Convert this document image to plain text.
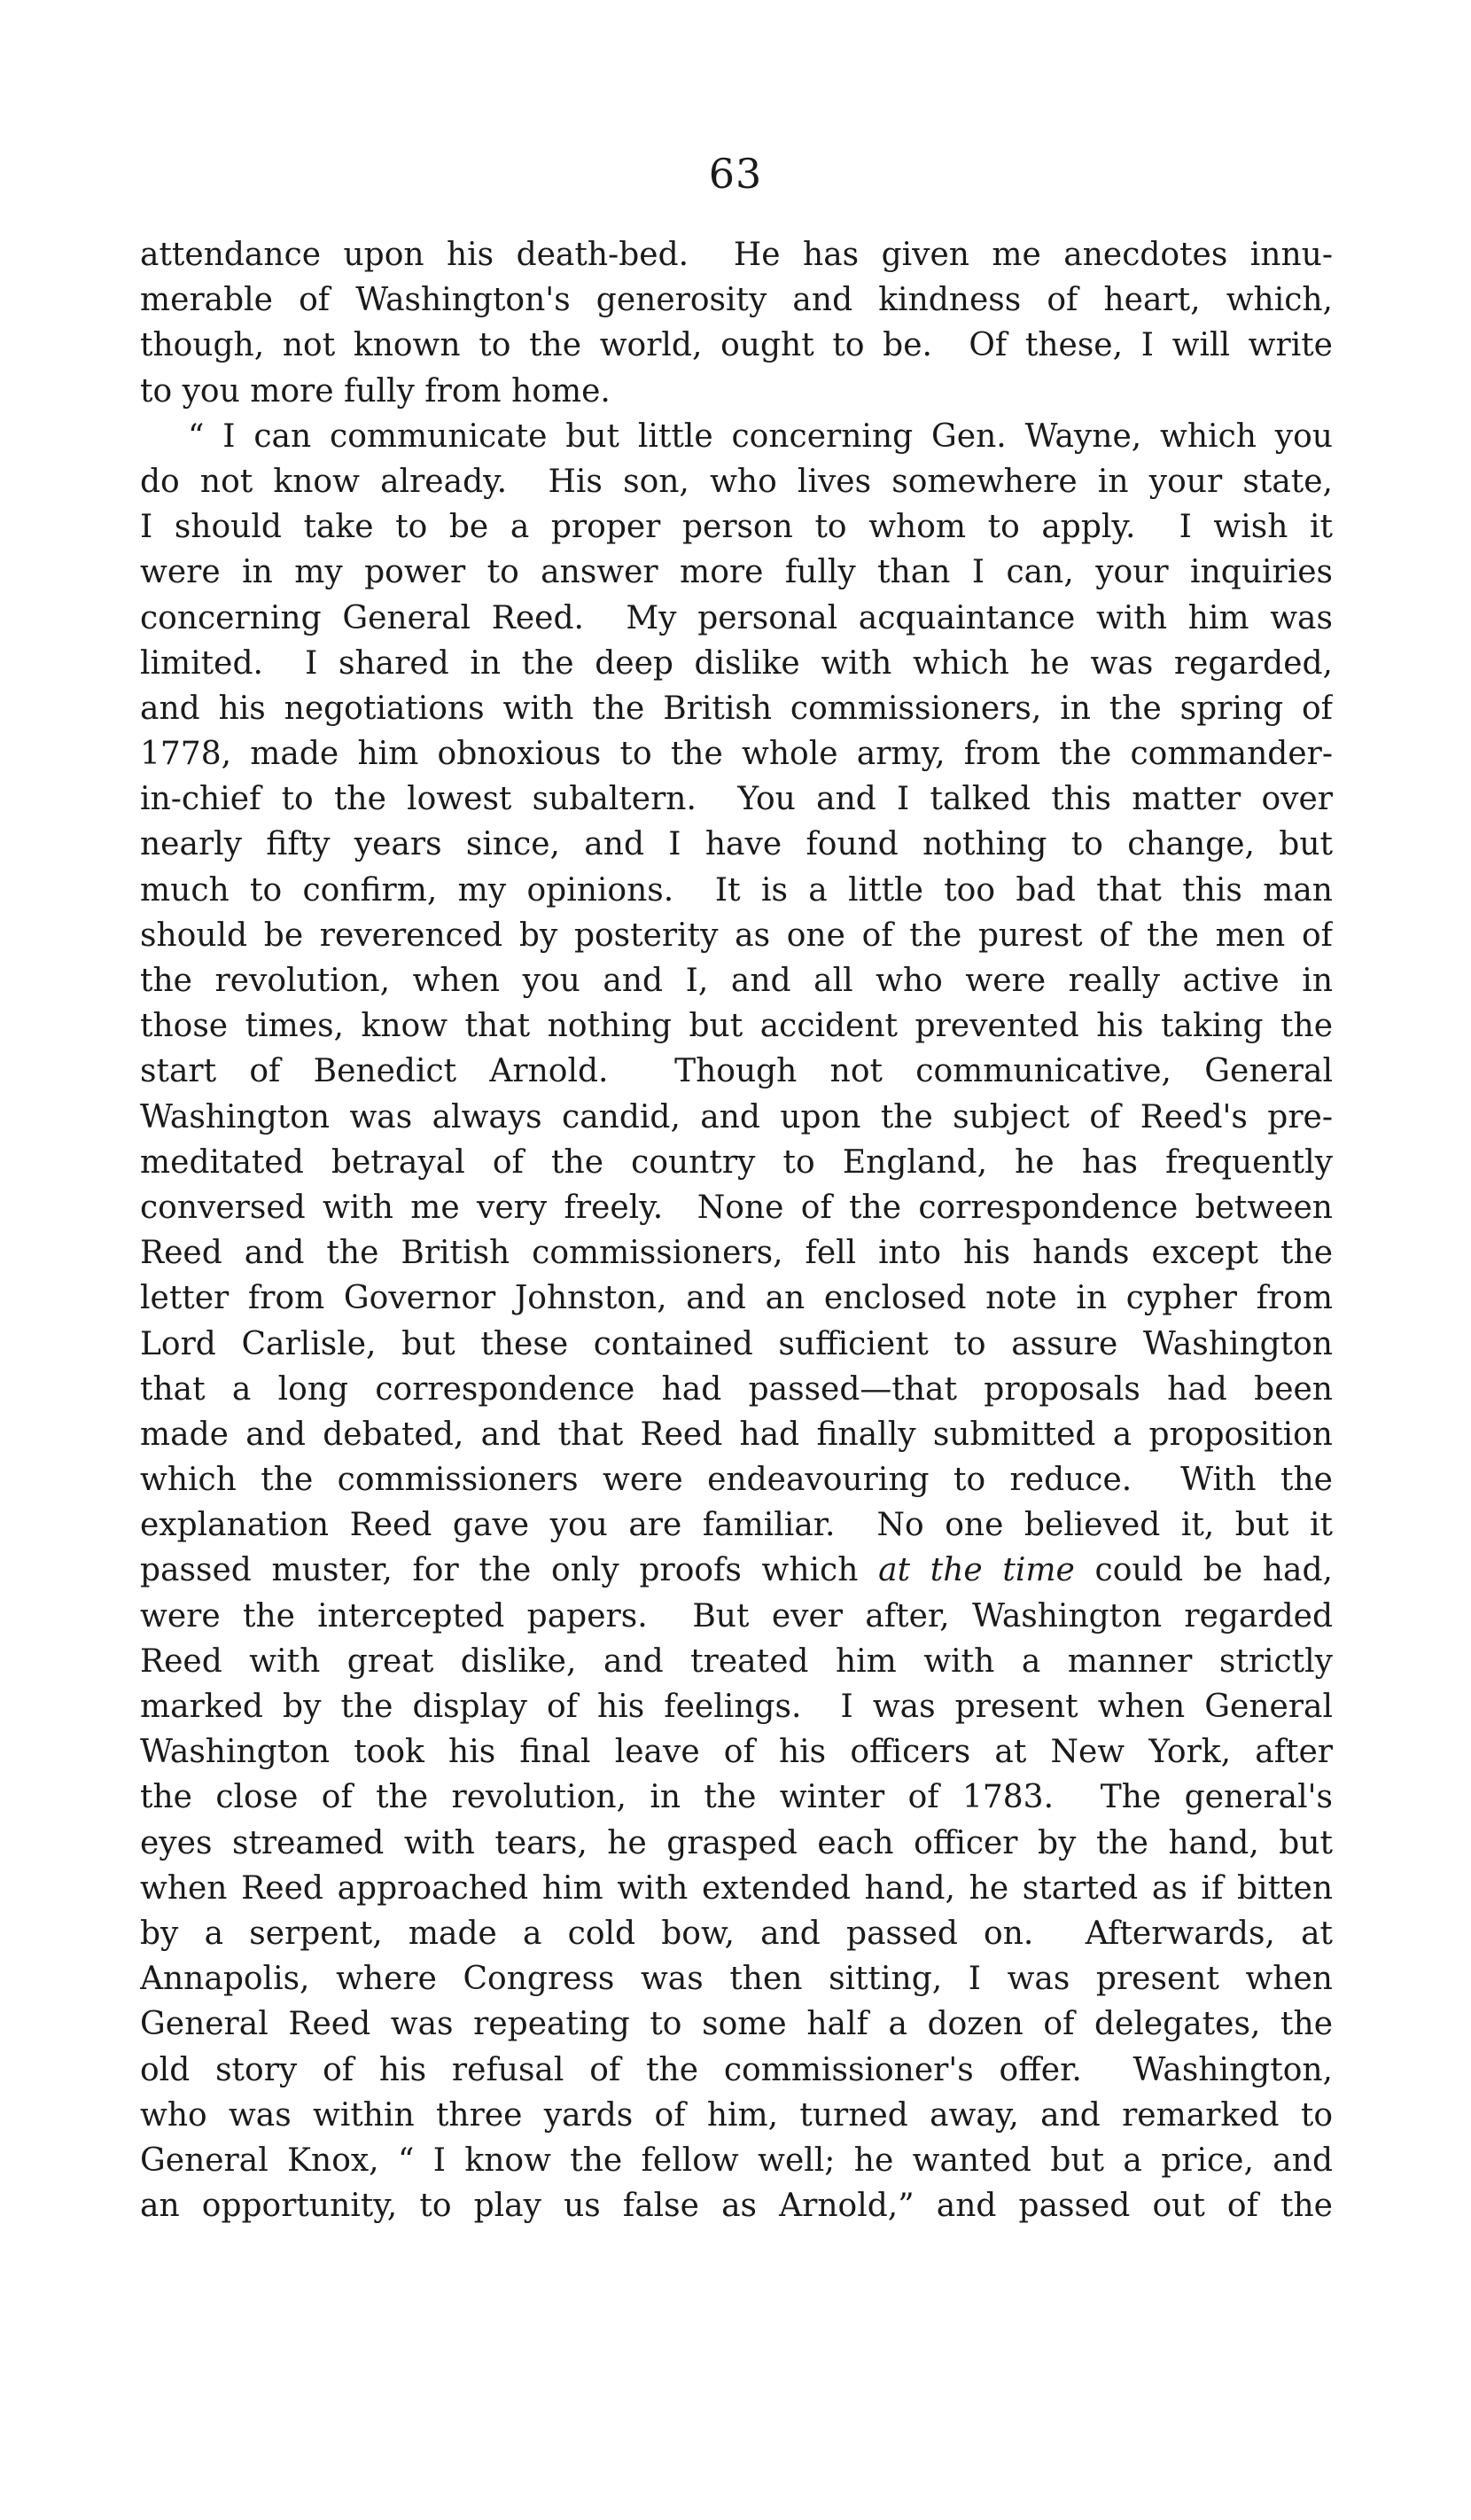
63
attendance upon his death-bed.  He has given me anecdotes innu-
merable of Washington's generosity and kindness of heart, which,
though, not known to the world, ought to be.  Of these, I will write
to you more fully from home.
“ I can communicate but little concerning Gen. Wayne, which you
do not know already.  His son, who lives somewhere in your state,
I should take to be a proper person to whom to apply.  I wish it
were in my power to answer more fully than I can, your inquiries
concerning General Reed.  My personal acquaintance with him was
limited.  I shared in the deep dislike with which he was regarded,
and his negotiations with the British commissioners, in the spring of
1778, made him obnoxious to the whole army, from the commander-
in-chief to the lowest subaltern.  You and I talked this matter over
nearly fifty years since, and I have found nothing to change, but
much to confirm, my opinions.  It is a little too bad that this man
should be reverenced by posterity as one of the purest of the men of
the revolution, when you and I, and all who were really active in
those times, know that nothing but accident prevented his taking the
start of Benedict Arnold.  Though not communicative, General
Washington was always candid, and upon the subject of Reed's pre-
meditated betrayal of the country to England, he has frequently
conversed with me very freely.  None of the correspondence between
Reed and the British commissioners, fell into his hands except the
letter from Governor Johnston, and an enclosed note in cypher from
Lord Carlisle, but these contained sufficient to assure Washington
that a long correspondence had passed—that proposals had been
made and debated, and that Reed had finally submitted a proposition
which the commissioners were endeavouring to reduce.  With the
explanation Reed gave you are familiar.  No one believed it, but it
passed muster, for the only proofs which at the time could be had,
were the intercepted papers.  But ever after, Washington regarded
Reed with great dislike, and treated him with a manner strictly
marked by the display of his feelings.  I was present when General
Washington took his final leave of his officers at New York, after
the close of the revolution, in the winter of 1783.  The general's
eyes streamed with tears, he grasped each officer by the hand, but
when Reed approached him with extended hand, he started as if bitten
by a serpent, made a cold bow, and passed on.  Afterwards, at
Annapolis, where Congress was then sitting, I was present when
General Reed was repeating to some half a dozen of delegates, the
old story of his refusal of the commissioner's offer.  Washington,
who was within three yards of him, turned away, and remarked to
General Knox, “ I know the fellow well; he wanted but a price, and
an opportunity, to play us false as Arnold,” and passed out of the
